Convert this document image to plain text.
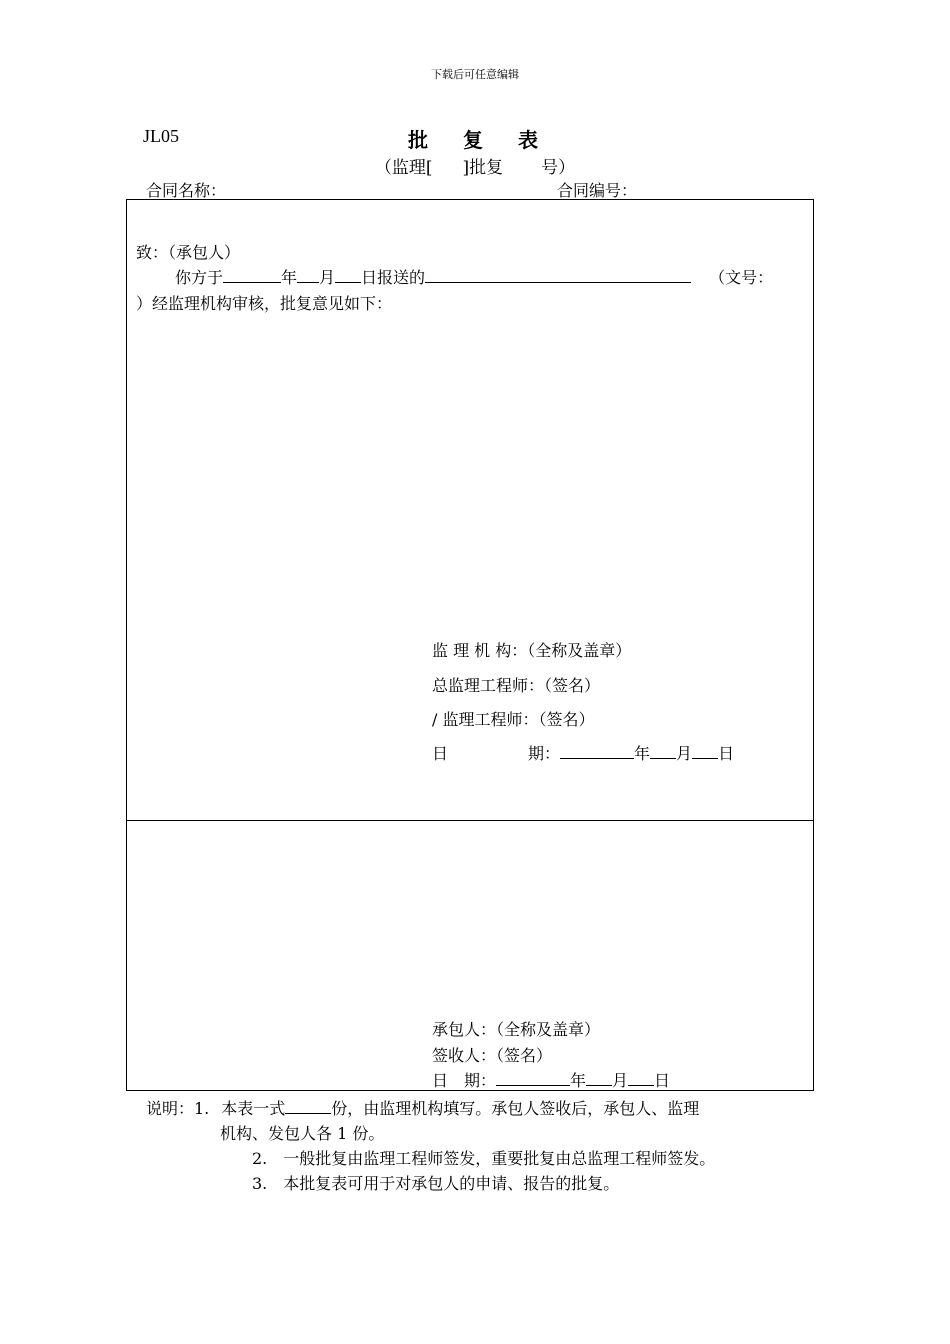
下载后可任意编辑
JL05	批 复 表
（监理[ ]批复 号）
合同名称：	合同编号：
致：（承包人）
你方于	年 月 日报送的	（文号：
）经监理机构审核，批复意见如下：
监 理 机 构：（全称及盖章）
总监理工程师：（签名）
/ 监理工程师：（签名）
日	期：	年 月 日
承包人：（全称及盖章）
签收人：（签名）
日　期：	年 月 日
说明：1. 本表一式	份，由监理机构填写。承包人签收后，承包人、监理
机构、发包人各 1 份。
2.　一般批复由监理工程师签发，重要批复由总监理工程师签发。
3.　本批复表可用于对承包人的申请、报告的批复。
